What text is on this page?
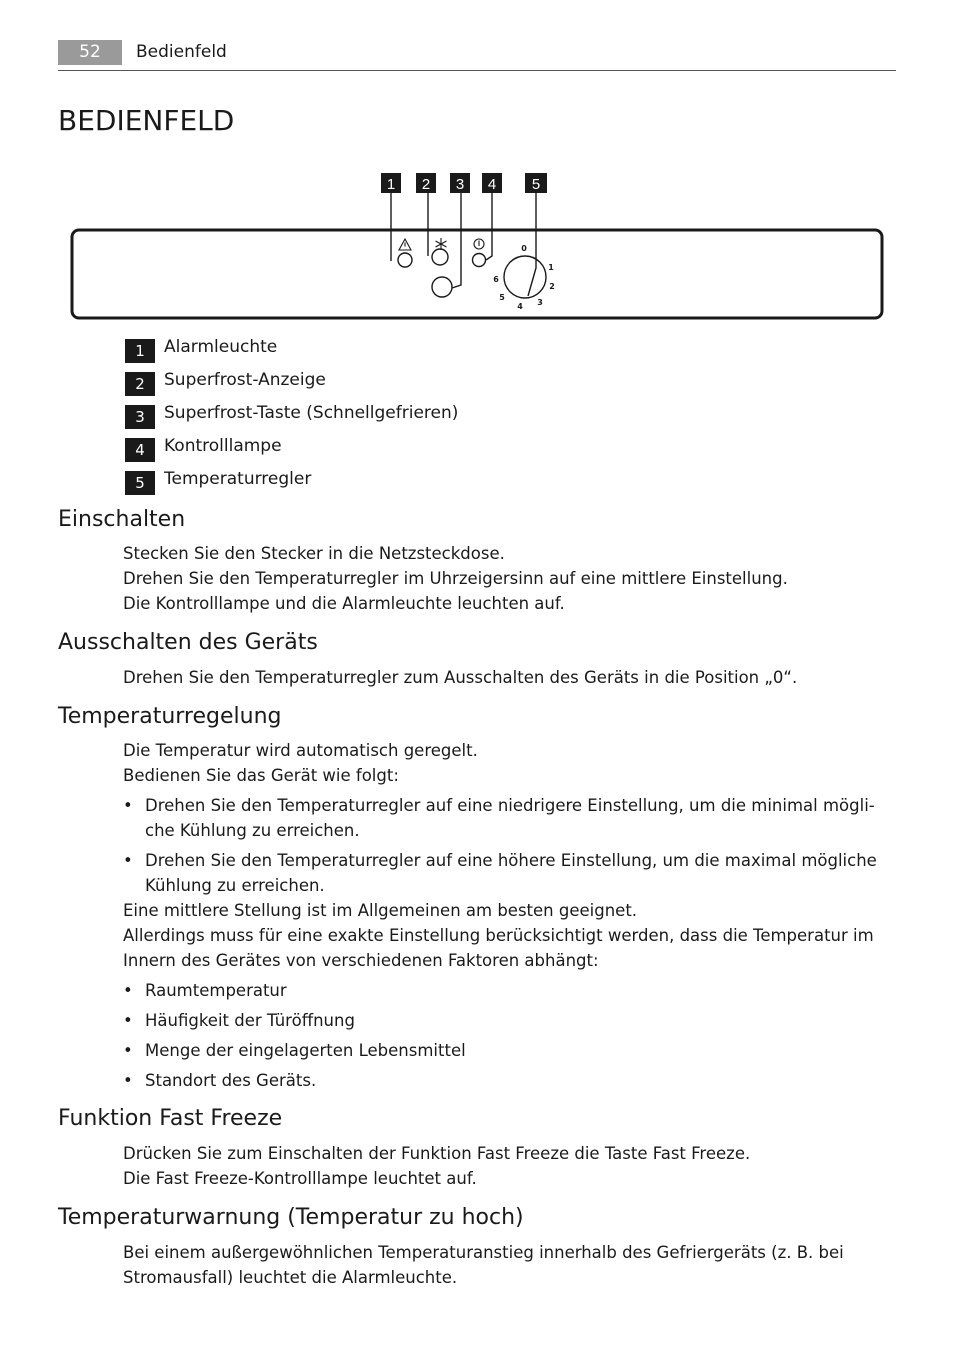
52	Bedienfeld
BEDIENFELD
1 2 3 4 5
0
1
2
3
4
5
6
1	Alarmleuchte
2	Superfrost-Anzeige
3	Superfrost-Taste (Schnellgefrieren)
4	Kontrolllampe
5	Temperaturregler
Einschalten
Stecken Sie den Stecker in die Netzsteckdose.
Drehen Sie den Temperaturregler im Uhrzeigersinn auf eine mittlere Einstellung.
Die Kontrolllampe und die Alarmleuchte leuchten auf.
Ausschalten des Geräts
Drehen Sie den Temperaturregler zum Ausschalten des Geräts in die Position „0“.
Temperaturregelung
Die Temperatur wird automatisch geregelt.
Bedienen Sie das Gerät wie folgt:
• Drehen Sie den Temperaturregler auf eine niedrigere Einstellung, um die minimal mögli-che Kühlung zu erreichen.
• Drehen Sie den Temperaturregler auf eine höhere Einstellung, um die maximal mögliche Kühlung zu erreichen.
Eine mittlere Stellung ist im Allgemeinen am besten geeignet.
Allerdings muss für eine exakte Einstellung berücksichtigt werden, dass die Temperatur im
Innern des Gerätes von verschiedenen Faktoren abhängt:
• Raumtemperatur
• Häufigkeit der Türöffnung
• Menge der eingelagerten Lebensmittel
• Standort des Geräts.
Funktion Fast Freeze
Drücken Sie zum Einschalten der Funktion Fast Freeze die Taste Fast Freeze.
Die Fast Freeze-Kontrolllampe leuchtet auf.
Temperaturwarnung (Temperatur zu hoch)
Bei einem außergewöhnlichen Temperaturanstieg innerhalb des Gefriergeräts (z. B. bei
Stromausfall) leuchtet die Alarmleuchte.
